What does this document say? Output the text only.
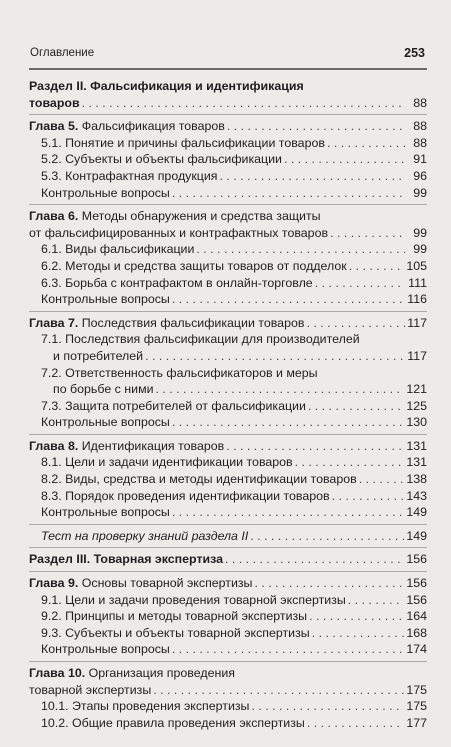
Оглавление	253
Раздел II. Фальсификация и идентификация
товаров . . .	88
Глава 5. Фальсификация товаров . . .	88
5.1. Понятие и причины фальсификации товаров . . .	88
5.2. Субъекты и объекты фальсификации . . .	91
5.3. Контрафактная продукция . . .	96
Контрольные вопросы . . .	99
Глава 6. Методы обнаружения и средства защиты
от фальсифицированных и контрафактных товаров . . .	99
6.1. Виды фальсификации . . .	99
6.2. Методы и средства защиты товаров от подделок . . .	105
6.3. Борьба с контрафактом в онлайн-торговле . . .	111
Контрольные вопросы . . .	116
Глава 7. Последствия фальсификации товаров . . .	117
7.1. Последствия фальсификации для производителей
и потребителей . . .	117
7.2. Ответственность фальсификаторов и меры
по борьбе с ними . . .	121
7.3. Защита потребителей от фальсификации . . .	125
Контрольные вопросы . . .	130
Глава 8. Идентификация товаров . . .	131
8.1. Цели и задачи идентификации товаров . . .	131
8.2. Виды, средства и методы идентификации товаров . . .	138
8.3. Порядок проведения идентификации товаров . . .	143
Контрольные вопросы . . .	149
Тест на проверку знаний раздела II . . .	149
Раздел III. Товарная экспертиза . . .	156
Глава 9. Основы товарной экспертизы . . .	156
9.1. Цели и задачи проведения товарной экспертизы . . .	156
9.2. Принципы и методы товарной экспертизы . . .	164
9.3. Субъекты и объекты товарной экспертизы . . .	168
Контрольные вопросы . . .	174
Глава 10. Организация проведения
товарной экспертизы . . .	175
10.1. Этапы проведения экспертизы . . .	175
10.2. Общие правила проведения экспертизы . . .	177
